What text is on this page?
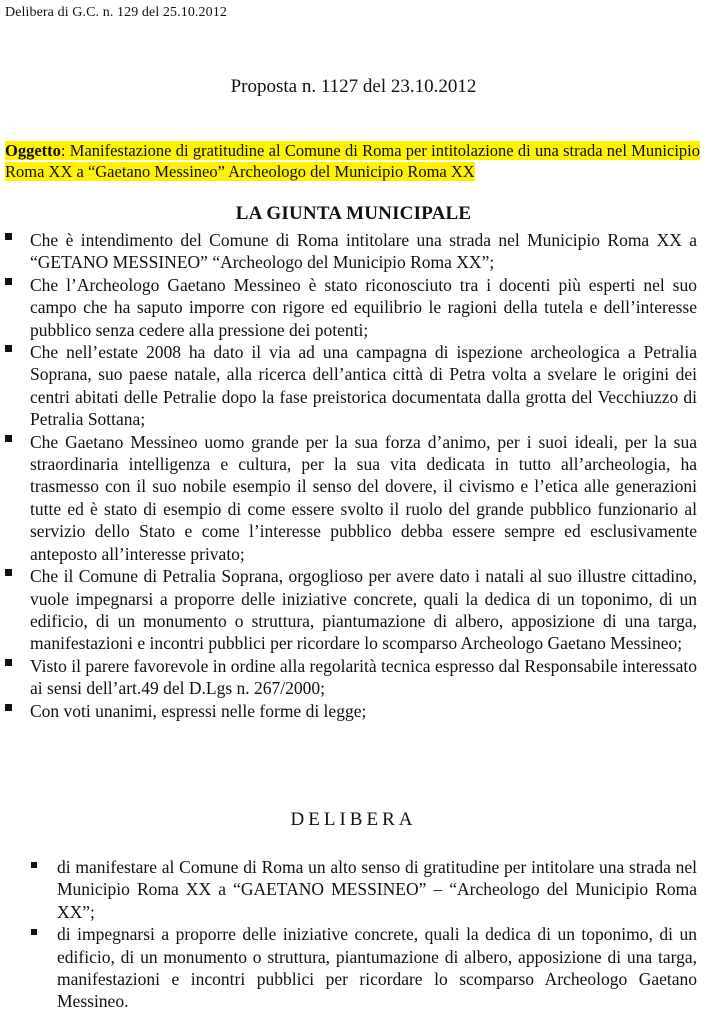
Delibera di G.C. n. 129 del 25.10.2012
Proposta n. 1127 del 23.10.2012
Oggetto: Manifestazione di gratitudine al Comune di Roma per intitolazione di una strada nel Municipio Roma XX a “Gaetano Messineo” Archeologo del Municipio Roma XX
LA GIUNTA MUNICIPALE
Che è intendimento del Comune di Roma intitolare una strada nel Municipio Roma XX a “GETANO MESSINEO” “Archeologo del Municipio Roma XX”;
Che l’Archeologo Gaetano Messineo è stato riconosciuto tra i docenti più esperti nel suo campo che ha saputo imporre con rigore ed equilibrio le ragioni della tutela e dell’interesse pubblico senza cedere alla pressione dei potenti;
Che nell’estate 2008 ha dato il via ad una campagna di ispezione archeologica a Petralia Soprana, suo paese natale, alla ricerca dell’antica città di Petra volta a svelare le origini dei centri abitati delle Petralie dopo la fase preistorica documentata dalla grotta del Vecchiuzzo di Petralia Sottana;
Che Gaetano Messineo uomo grande per la sua forza d’animo, per i suoi ideali, per la sua straordinaria intelligenza e cultura, per la sua vita dedicata in tutto all’archeologia, ha trasmesso con il suo nobile esempio il senso del dovere, il civismo e l’etica alle generazioni tutte ed è stato di esempio di come essere svolto il ruolo del grande pubblico funzionario al servizio dello Stato e come l’interesse pubblico debba essere sempre ed esclusivamente anteposto all’interesse privato;
Che il Comune di Petralia Soprana, orgoglioso per avere dato i natali al suo illustre cittadino, vuole impegnarsi a proporre delle iniziative concrete, quali la dedica di un toponimo, di un edificio, di un monumento o struttura, piantumazione di albero, apposizione di una targa, manifestazioni e incontri pubblici per ricordare lo scomparso Archeologo Gaetano Messineo;
Visto il parere favorevole in ordine alla regolarità tecnica espresso dal Responsabile interessato ai sensi dell’art.49 del D.Lgs n. 267/2000;
Con voti unanimi, espressi nelle forme di legge;
DELIBERA
di manifestare al Comune di Roma un alto senso di gratitudine per intitolare una strada nel Municipio Roma XX a “GAETANO MESSINEO” – “Archeologo del Municipio Roma XX”;
di impegnarsi a proporre delle iniziative concrete, quali la dedica di un toponimo, di un edificio, di un monumento o struttura, piantumazione di albero, apposizione di una targa, manifestazioni e incontri pubblici per ricordare lo scomparso Archeologo Gaetano Messineo.
